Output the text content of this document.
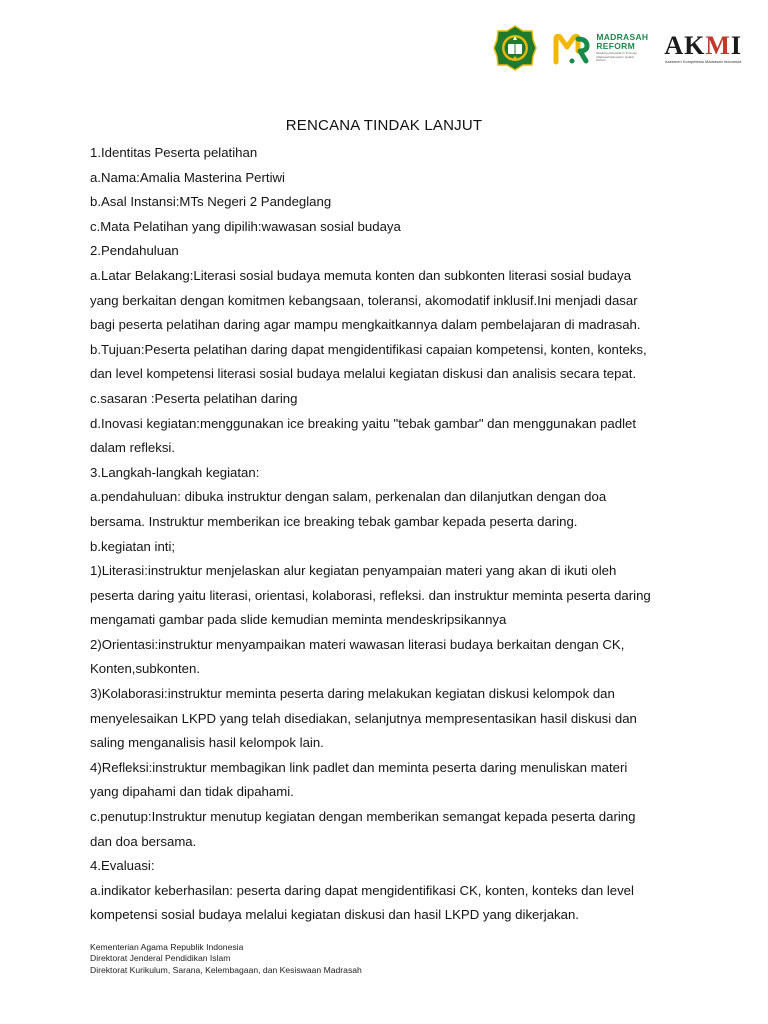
MADRASAH
REFORM
Realizing Education's Promise Madrasah Education Quality Reform
AKMI
Asesmen Kompetensi Madrasah Indonesia
RENCANA TINDAK LANJUT

1.Identitas Peserta pelatihan

a.Nama:Amalia Masterina Pertiwi

b.Asal Instansi:MTs Negeri 2 Pandeglang

c.Mata Pelatihan yang dipilih:wawasan sosial budaya

2.Pendahuluan

a.Latar Belakang:Literasi sosial budaya memuta konten dan subkonten literasi sosial budaya

yang berkaitan dengan komitmen kebangsaan, toleransi, akomodatif inklusif.Ini menjadi dasar

bagi peserta pelatihan daring agar mampu mengkaitkannya dalam pembelajaran di madrasah.

b.Tujuan:Peserta pelatihan daring dapat mengidentifikasi capaian kompetensi, konten, konteks,

dan level kompetensi literasi sosial budaya melalui kegiatan diskusi dan analisis secara tepat.

c.sasaran :Peserta pelatihan daring

d.Inovasi kegiatan:menggunakan ice breaking yaitu "tebak gambar" dan menggunakan padlet

dalam refleksi.

3.Langkah-langkah kegiatan:

a.pendahuluan: dibuka instruktur dengan salam, perkenalan dan dilanjutkan dengan doa

bersama. Instruktur memberikan ice breaking tebak gambar kepada peserta daring.

b.kegiatan inti;

1)Literasi:instruktur menjelaskan alur kegiatan penyampaian materi yang akan di ikuti oleh

peserta daring yaitu literasi, orientasi, kolaborasi, refleksi. dan instruktur meminta peserta daring

mengamati gambar pada slide kemudian meminta mendeskripsikannya

2)Orientasi:instruktur menyampaikan materi wawasan literasi budaya berkaitan dengan CK,

Konten,subkonten.

3)Kolaborasi:instruktur meminta peserta daring melakukan kegiatan diskusi kelompok dan

menyelesaikan LKPD yang telah disediakan, selanjutnya mempresentasikan hasil diskusi dan

saling menganalisis hasil kelompok lain.

4)Refleksi:instruktur membagikan link padlet dan meminta peserta daring menuliskan materi

yang dipahami dan tidak dipahami.

c.penutup:Instruktur menutup kegiatan dengan memberikan semangat kepada peserta daring

dan doa bersama.

4.Evaluasi:

a.indikator keberhasilan: peserta daring dapat mengidentifikasi CK, konten, konteks dan level

kompetensi sosial budaya melalui kegiatan diskusi dan hasil LKPD yang dikerjakan.

Kementerian Agama Republik Indonesia
Direktorat Jenderal Pendidikan Islam
Direktorat Kurikulum, Sarana, Kelembagaan, dan Kesiswaan Madrasah
